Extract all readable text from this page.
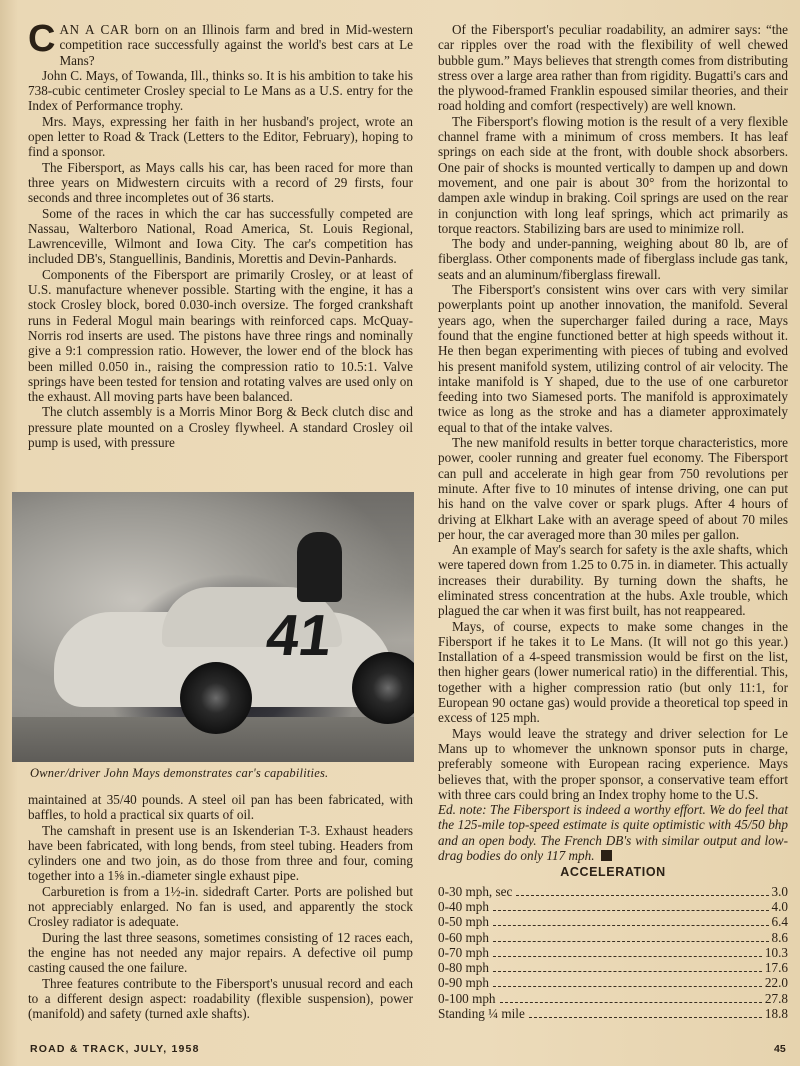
CAN A CAR born on an Illinois farm and bred in Mid-western competition race successfully against the world's best cars at Le Mans?

John C. Mays, of Towanda, Ill., thinks so. It is his ambition to take his 738-cubic centimeter Crosley special to Le Mans as a U.S. entry for the Index of Performance trophy.

Mrs. Mays, expressing her faith in her husband's project, wrote an open letter to Road & Track (Letters to the Editor, February), hoping to find a sponsor.

The Fibersport, as Mays calls his car, has been raced for more than three years on Midwestern circuits with a record of 29 firsts, four seconds and three incompletes out of 36 starts.

Some of the races in which the car has successfully competed are Nassau, Walterboro National, Road America, St. Louis Regional, Lawrenceville, Wilmont and Iowa City. The car's competition has included DB's, Stanguellinis, Bandinis, Morettis and Devin-Panhards.

Components of the Fibersport are primarily Crosley, or at least of U.S. manufacture whenever possible. Starting with the engine, it has a stock Crosley block, bored 0.030-inch oversize. The forged crankshaft runs in Federal Mogul main bearings with reinforced caps. McQuay-Norris rod inserts are used. The pistons have three rings and nominally give a 9:1 compression ratio. However, the lower end of the block has been milled 0.050 in., raising the compression ratio to 10.5:1. Valve springs have been tested for tension and rotating valves are used only on the exhaust. All moving parts have been balanced.

The clutch assembly is a Morris Minor Borg & Beck clutch disc and pressure plate mounted on a Crosley flywheel. A standard Crosley oil pump is used, with pressure

41
Owner/driver John Mays demonstrates car's capabilities.

maintained at 35/40 pounds. A steel oil pan has been fabricated, with baffles, to hold a practical six quarts of oil.

The camshaft in present use is an Iskenderian T-3. Exhaust headers have been fabricated, with long bends, from steel tubing. Headers from cylinders one and two join, as do those from three and four, coming together into a 1⅝ in.-diameter single exhaust pipe.

Carburetion is from a 1½-in. sidedraft Carter. Ports are polished but not appreciably enlarged. No fan is used, and apparently the stock Crosley radiator is adequate.

During the last three seasons, sometimes consisting of 12 races each, the engine has not needed any major repairs. A defective oil pump casting caused the one failure.

Three features contribute to the Fibersport's unusual record and each to a different design aspect: roadability (flexible suspension), power (manifold) and safety (turned axle shafts).

Of the Fibersport's peculiar roadability, an admirer says: “the car ripples over the road with the flexibility of well chewed bubble gum.” Mays believes that strength comes from distributing stress over a large area rather than from rigidity. Bugatti's cars and the plywood-framed Franklin espoused similar theories, and their road holding and comfort (respectively) are well known.

The Fibersport's flowing motion is the result of a very flexible channel frame with a minimum of cross members. It has leaf springs on each side at the front, with double shock absorbers. One pair of shocks is mounted vertically to dampen up and down movement, and one pair is about 30° from the horizontal to dampen axle windup in braking. Coil springs are used on the rear in conjunction with long leaf springs, which act primarily as torque reactors. Stabilizing bars are used to minimize roll.

The body and under-panning, weighing about 80 lb, are of fiberglass. Other components made of fiberglass include gas tank, seats and an aluminum/fiberglass firewall.

The Fibersport's consistent wins over cars with very similar powerplants point up another innovation, the manifold. Several years ago, when the supercharger failed during a race, Mays found that the engine functioned better at high speeds without it. He then began experimenting with pieces of tubing and evolved his present manifold system, utilizing control of air velocity. The intake manifold is Y shaped, due to the use of one carburetor feeding into two Siamesed ports. The manifold is approximately twice as long as the stroke and has a diameter approximately equal to that of the intake valves.

The new manifold results in better torque characteristics, more power, cooler running and greater fuel economy. The Fibersport can pull and accelerate in high gear from 750 revolutions per minute. After five to 10 minutes of intense driving, one can put his hand on the valve cover or spark plugs. After 4 hours of driving at Elkhart Lake with an average speed of about 70 miles per hour, the car averaged more than 30 miles per gallon.

An example of May's search for safety is the axle shafts, which were tapered down from 1.25 to 0.75 in. in diameter. This actually increases their durability. By turning down the shafts, he eliminated stress concentration at the hubs. Axle trouble, which plagued the car when it was first built, has not reappeared.

Mays, of course, expects to make some changes in the Fibersport if he takes it to Le Mans. (It will not go this year.) Installation of a 4-speed transmission would be first on the list, then higher gears (lower numerical ratio) in the differential. This, together with a higher compression ratio (but only 11:1, for European 90 octane gas) would provide a theoretical top speed in excess of 125 mph.

Mays would leave the strategy and driver selection for Le Mans up to whomever the unknown sponsor puts in charge, preferably someone with European racing experience. Mays believes that, with the proper sponsor, a conservative team effort with three cars could bring an Index trophy home to the U.S.

Ed. note: The Fibersport is indeed a worthy effort. We do feel that the 125-mile top-speed estimate is quite optimistic with 45/50 bhp and an open body. The French DB's with similar output and low-drag bodies do only 117 mph.

ACCELERATION
0-30 mph, sec	3.0
0-40 mph	4.0
0-50 mph	6.4
0-60 mph	8.6
0-70 mph	10.3
0-80 mph	17.6
0-90 mph	22.0
0-100 mph	27.8
Standing ¼ mile	18.8
ROAD & TRACK, JULY, 1958	45
